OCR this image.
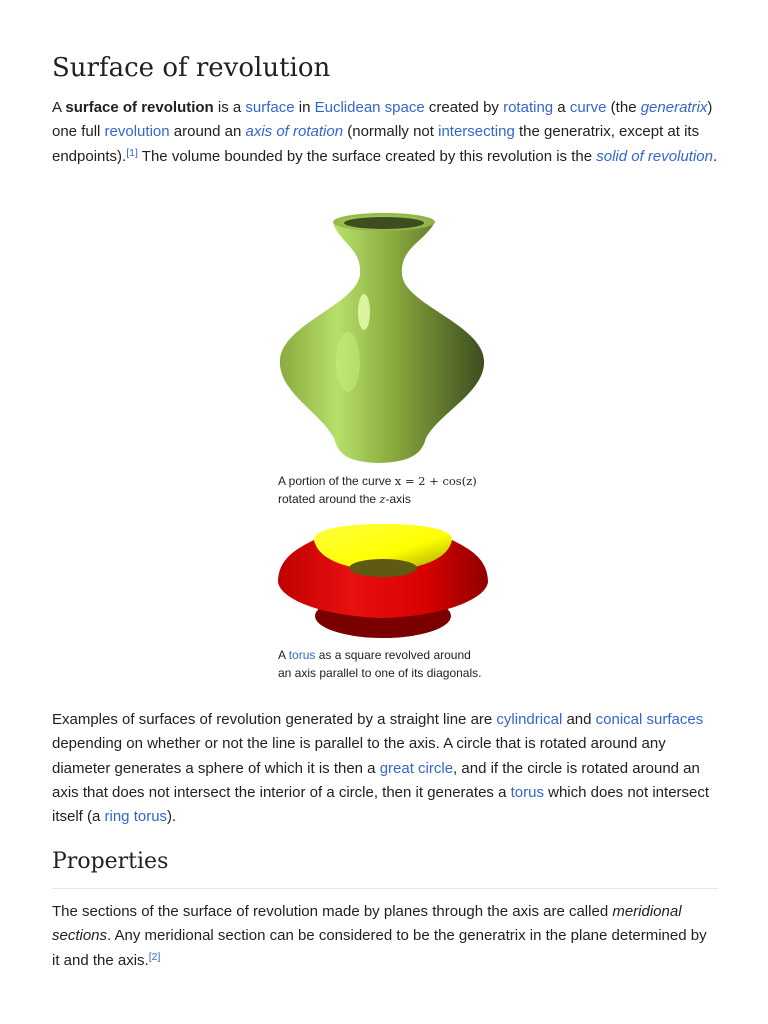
Surface of revolution

A surface of revolution is a surface in Euclidean space created by rotating a curve (the generatrix) one full revolution around an axis of rotation (normally not intersecting the generatrix, except at its endpoints).[1] The volume bounded by the surface created by this revolution is the solid of revolution.

A portion of the curve x = 2 + cos(z) rotated around the z-axis

A torus as a square revolved around an axis parallel to one of its diagonals.

Examples of surfaces of revolution generated by a straight line are cylindrical and conical surfaces depending on whether or not the line is parallel to the axis. A circle that is rotated around any diameter generates a sphere of which it is then a great circle, and if the circle is rotated around an axis that does not intersect the interior of a circle, then it generates a torus which does not intersect itself (a ring torus).

Properties

The sections of the surface of revolution made by planes through the axis are called meridional sections. Any meridional section can be considered to be the generatrix in the plane determined by it and the axis.[2]
